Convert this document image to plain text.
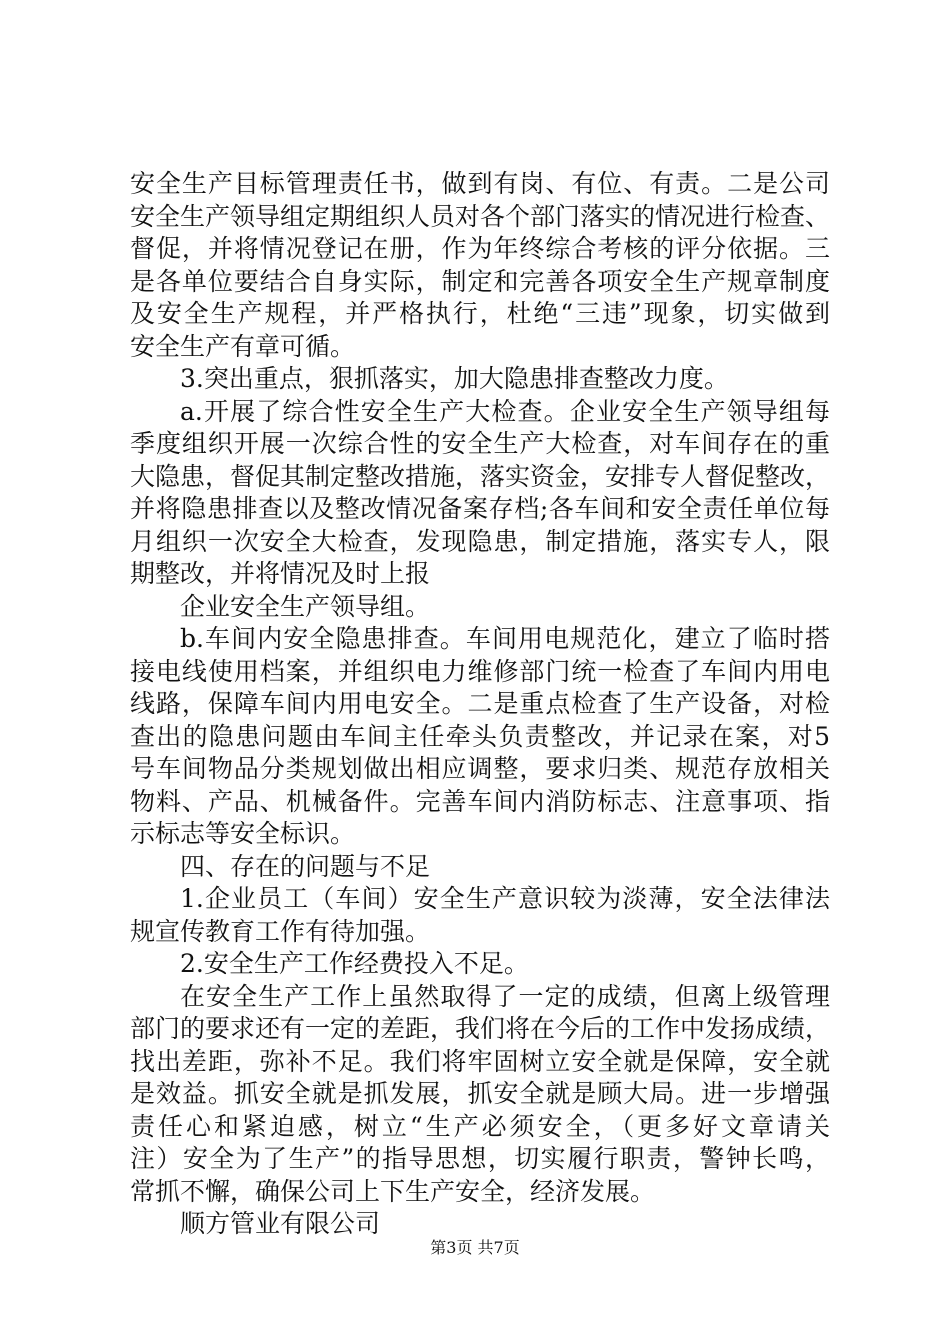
安全生产目标管理责任书，做到有岗、有位、有责。二是公司
安全生产领导组定期组织人员对各个部门落实的情况进行检查、
督促，并将情况登记在册，作为年终综合考核的评分依据。三
是各单位要结合自身实际，制定和完善各项安全生产规章制度
及安全生产规程，并严格执行，杜绝“三违”现象，切实做到
安全生产有章可循。
3.突出重点，狠抓落实，加大隐患排查整改力度。
a.开展了综合性安全生产大检查。企业安全生产领导组每
季度组织开展一次综合性的安全生产大检查，对车间存在的重
大隐患，督促其制定整改措施，落实资金，安排专人督促整改，
并将隐患排查以及整改情况备案存档;各车间和安全责任单位每
月组织一次安全大检查，发现隐患，制定措施，落实专人，限
期整改，并将情况及时上报
企业安全生产领导组。
b.车间内安全隐患排查。车间用电规范化，建立了临时搭
接电线使用档案，并组织电力维修部门统一检查了车间内用电
线路，保障车间内用电安全。二是重点检查了生产设备，对检
查出的隐患问题由车间主任牵头负责整改，并记录在案，对5
号车间物品分类规划做出相应调整，要求归类、规范存放相关
物料、产品、机械备件。完善车间内消防标志、注意事项、指
示标志等安全标识。
四、存在的问题与不足
1.企业员工（车间）安全生产意识较为淡薄，安全法律法
规宣传教育工作有待加强。
2.安全生产工作经费投入不足。
在安全生产工作上虽然取得了一定的成绩，但离上级管理
部门的要求还有一定的差距，我们将在今后的工作中发扬成绩，
找出差距，弥补不足。我们将牢固树立安全就是保障，安全就
是效益。抓安全就是抓发展，抓安全就是顾大局。进一步增强
责任心和紧迫感，树立“生产必须安全，（更多好文章请关
注）安全为了生产”的指导思想，切实履行职责，警钟长鸣，
常抓不懈，确保公司上下生产安全，经济发展。
顺方管业有限公司
第3页 共7页
